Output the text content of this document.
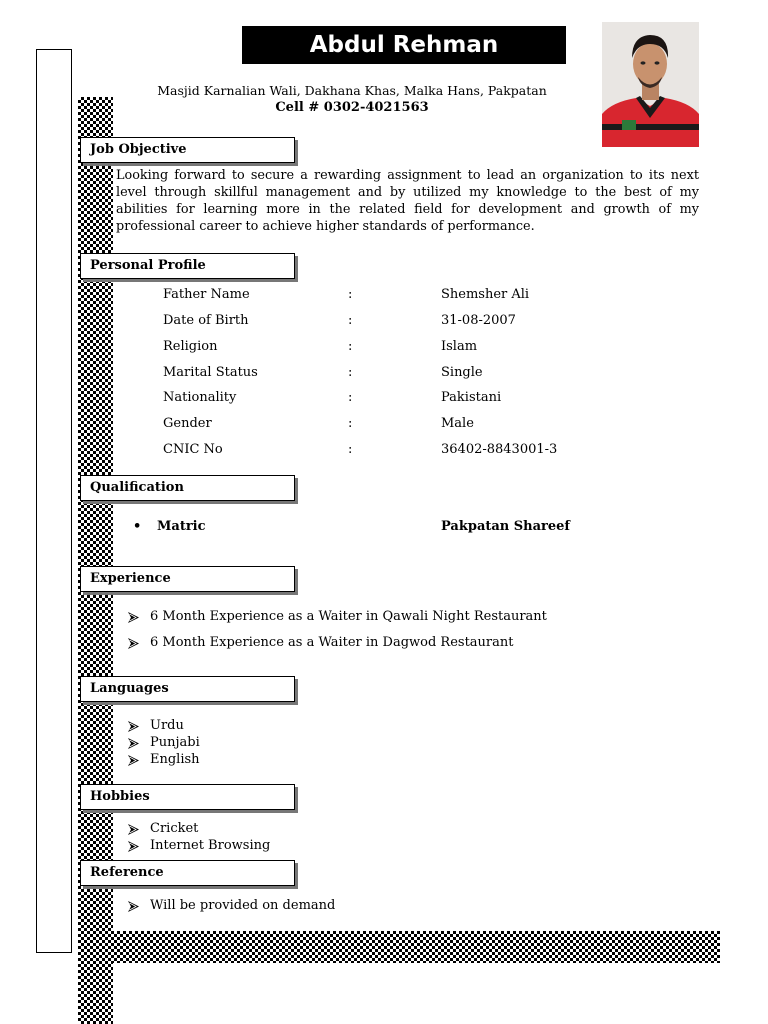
Abdul Rehman
Masjid Karnalian Wali, Dakhana Khas, Malka Hans, Pakpatan
Cell # 0302-4021563
Job Objective
Looking forward to secure a rewarding assignment to lead an organization to its next level through skillful management and by utilized my knowledge to the best of my abilities for learning more in the related field for development and growth of my professional career to achieve higher standards of performance.
Personal Profile
Father Name	:	Shemsher Ali
Date of Birth	:	31-08-2007
Religion	:	Islam
Marital Status	:	Single
Nationality	:	Pakistani
Gender	:	Male
CNIC No	:	36402-8843001-3
Qualification
• Matric	Pakpatan Shareef
Experience
6 Month Experience as a Waiter in Qawali Night Restaurant
6 Month Experience as a Waiter in Dagwod Restaurant
Languages
Urdu
Punjabi
English
Hobbies
Cricket
Internet Browsing
Reference
Will be provided on demand
